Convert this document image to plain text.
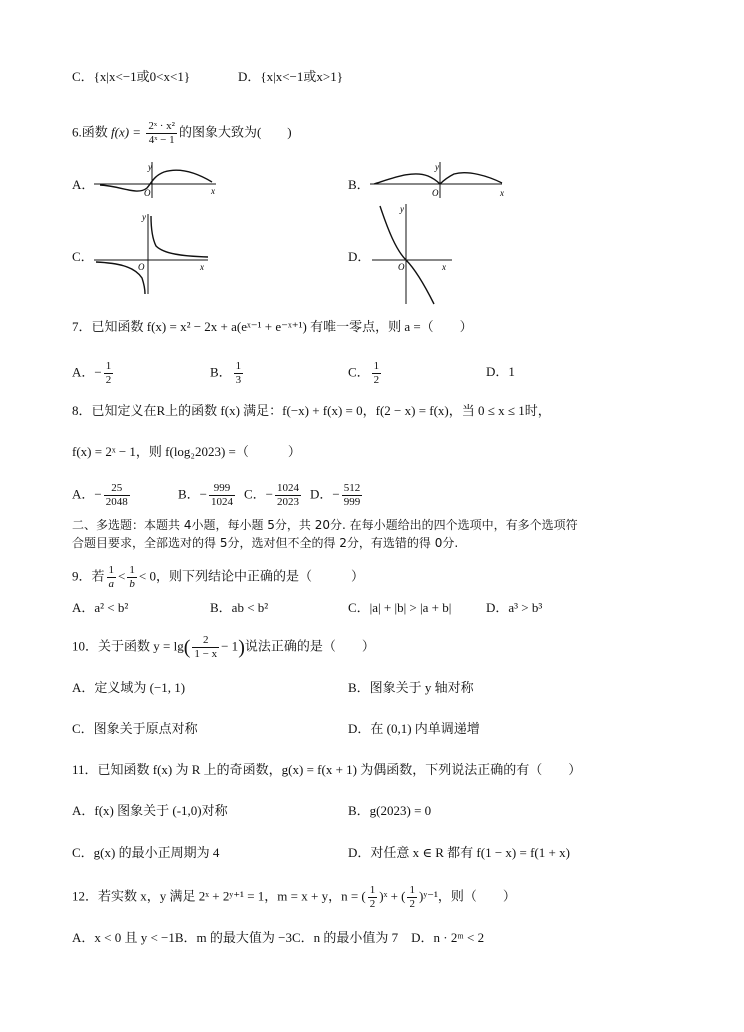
C．{x|x<−1或0<x<1}	D．{x|x<−1或x>1}
6.函数 $f(x) = \frac{\text{2ˣ · x²}}{\text{4ˣ − 1}}$ 的图象大致为(　　)
A．
y
x
O
B．
y
x
O
C．
y
x
O
D．
y
x
O
7．已知函数 f(x) = x² − 2x + a(eˣ⁻¹ + e⁻ˣ⁺¹) 有唯一零点，则 a =（　　）
A．− $\frac{1}{2}$	B． $\frac{1}{3}$	C． $\frac{1}{2}$	D．1
8．已知定义在R上的函数 f(x) 满足：f(−x) + f(x) = 0，f(2 − x) = f(x)，当 0 ≤ x ≤ 1时，
f(x) = 2ˣ − 1，则 f(log₂2023) =（　　　）
A．− $\frac{25}{2048}$	B．− $\frac{999}{1024}$ C．− $\frac{1024}{2023}$ D．− $\frac{512}{999}$
二、多选题：本题共 4小题，每小题 5分，共 20分. 在每小题给出的四个选项中，有多个选项符
合题目要求，全部选对的得 5分，选对但不全的得 2分，有选错的得 0分.
9．若 $\frac{1}{a} < \frac{1}{b} < 0$，则下列结论中正确的是（　　　）
A．a² < b²	B．ab < b²	C．|a| + |b| > |a + b|	D．a³ > b³
10．关于函数 $y = \lg( \frac{2}{1 - x} - 1)$说法正确的是（　　）
A．定义域为 (−1, 1)	B．图象关于 y 轴对称
C．图象关于原点对称	D．在 (0,1) 内单调递增
11．已知函数 f(x) 为 R 上的奇函数，g(x) = f(x + 1) 为偶函数，下列说法正确的有（　　）
A．f(x) 图象关于 (-1,0)对称	B．g(2023) = 0
C．g(x) 的最小正周期为 4	D．对任意 x ∈ R 都有 f(1 − x) = f(1 + x)
12．若实数 x，y 满足 2ˣ + 2ʸ⁺¹ = 1，m = x + y，n = ( $\frac{1}{2}$ )ˣ + ( $\frac{1}{2}$ )ʸ⁻¹，则（　　）
A．x < 0 且 y < −1B．m 的最大值为 −3C．n 的最小值为 7　D．n · 2ᵐ < 2
